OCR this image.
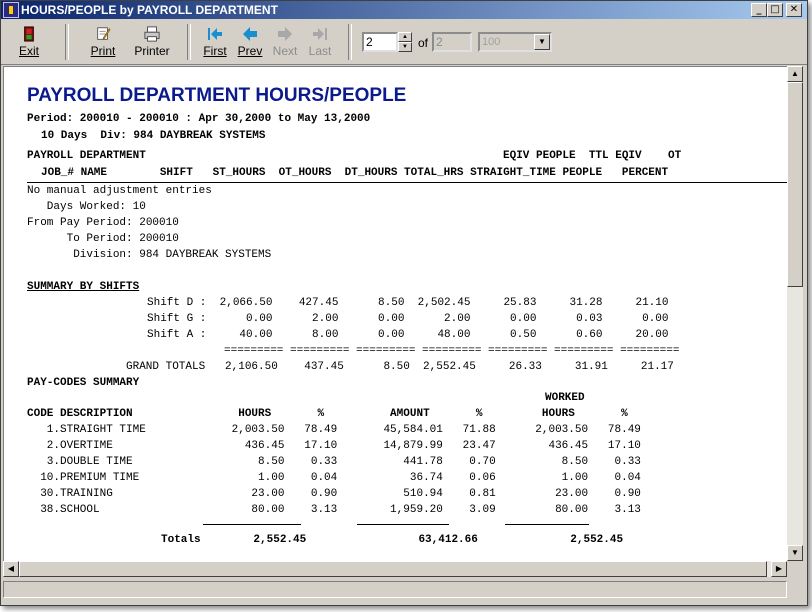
HOURS/PEOPLE by PAYROLL DEPARTMENT	_ □	✕
Exit	Print	Printer	First Prev Next Last
2	▲
▼ of 2	100	▼
PAYROLL DEPARTMENT HOURS/PEOPLE
Period: 200010 - 200010 : Apr 30,2000 to May 13,2000
10 Days  Div: 984 DAYBREAK SYSTEMS
PAYROLL DEPARTMENT	EQIV PEOPLE  TTL EQIV    OT
JOB_# NAME        SHIFT   ST_HOURS  OT_HOURS  DT_HOURS TOTAL_HRS STRAIGHT_TIME PEOPLE   PERCENT
No manual adjustment entries
Days Worked: 10
From Pay Period: 200010
To Period: 200010
Division: 984 DAYBREAK SYSTEMS
SUMMARY BY SHIFTS
Shift D :  2,066.50    427.45      8.50  2,502.45     25.83     31.28     21.10
Shift G :      0.00      2.00      0.00      2.00      0.00      0.03      0.00
Shift A :     40.00      8.00      0.00     48.00      0.50      0.60     20.00
========= ========= ========= ========= ========= ========= =========
GRAND TOTALS   2,106.50    437.45      8.50  2,552.45     26.33     31.91     21.17
PAY-CODES SUMMARY
WORKED
CODE DESCRIPTION                HOURS       %          AMOUNT       %         HOURS       %
1.STRAIGHT TIME             2,003.50   78.49       45,584.01   71.88      2,003.50   78.49
2.OVERTIME                    436.45   17.10       14,879.99   23.47        436.45   17.10
3.DOUBLE TIME                   8.50    0.33          441.78    0.70          8.50    0.33
10.PREMIUM TIME                  1.00    0.04           36.74    0.06          1.00    0.04
30.TRAINING                     23.00    0.90          510.94    0.81         23.00    0.90
38.SCHOOL                       80.00    3.13        1,959.20    3.09         80.00    3.13
Totals        2,552.45                 63,412.66              2,552.45
▲
▼
◀	▶
